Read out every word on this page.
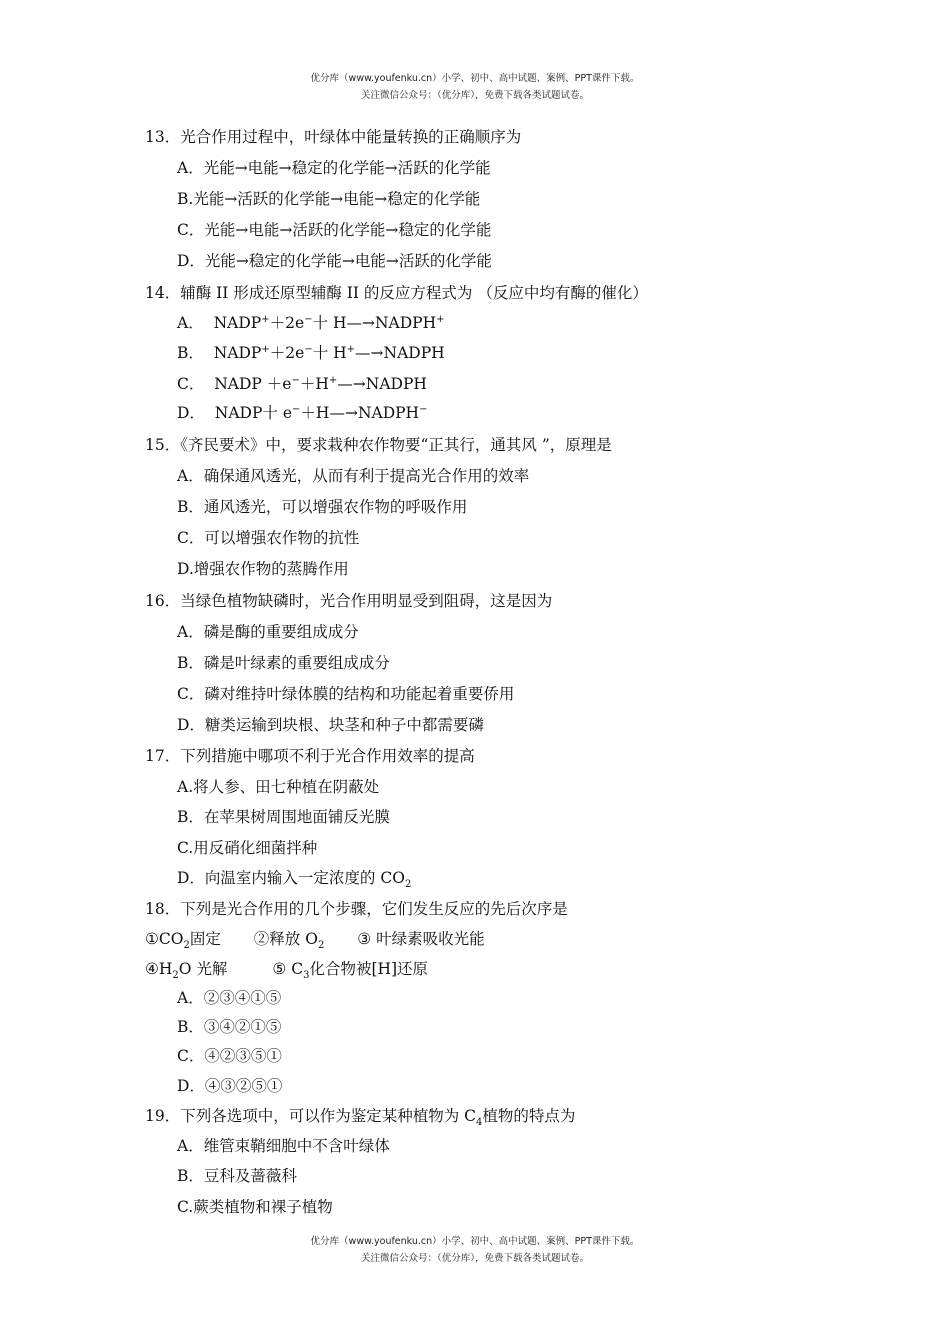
优分库（www.youfenku.cn）小学、初中、高中试题、案例、PPT课件下载。
关注微信公众号：（优分库），免费下载各类试题试卷。
13．光合作用过程中，叶绿体中能量转换的正确顺序为
A．光能→电能→稳定的化学能→活跃的化学能
B.光能→活跃的化学能→电能→稳定的化学能
C．光能→电能→活跃的化学能→稳定的化学能
D．光能→稳定的化学能→电能→活跃的化学能
14．辅酶 II 形成还原型辅酶 II 的反应方程式为 （反应中均有酶的催化）
A． NADP+＋2e−十 H—→NADPH+
B． NADP+＋2e−十 H+—→NADPH
C． NADP ＋e−＋H+—→NADPH
D． NADP十 e−＋H—→NADPH−
15．《齐民要术》中，要求栽种农作物要“正其行，通其风 ”，原理是
A．确保通风透光，从而有利于提高光合作用的效率
B．通风透光，可以增强农作物的呼吸作用
C．可以增强农作物的抗性
D.增强农作物的蒸腾作用
16．当绿色植物缺磷时，光合作用明显受到阻碍，这是因为
A．磷是酶的重要组成成分
B．磷是叶绿素的重要组成成分
C．磷对维持叶绿体膜的结构和功能起着重要侨用
D．糖类运输到块根、块茎和种子中都需要磷
17．下列措施中哪项不利于光合作用效率的提高
A.将人参、田七种植在阴蔽处
B．在苹果树周围地面铺反光膜
C.用反硝化细菌拌种
D．向温室内输入一定浓度的 $CO_2$
18．下列是光合作用的几个步骤，它们发生反应的先后次序是
$①CO_2$固定 ②释放 $O_2$ ③ 叶绿素吸收光能
$④H_2O$ 光解	⑤ $C_3$化合物被[H]还原
A．②③④①⑤
B．③④②①⑤
C．④②③⑤①
D．④③②⑤①
19．下列各选项中，可以作为鉴定某种植物为 $C_4$植物的特点为
A．维管束鞘细胞中不含叶绿体
B．豆科及蔷薇科
C.蕨类植物和裸子植物
优分库（www.youfenku.cn）小学、初中、高中试题、案例、PPT课件下载。
关注微信公众号：（优分库），免费下载各类试题试卷。
